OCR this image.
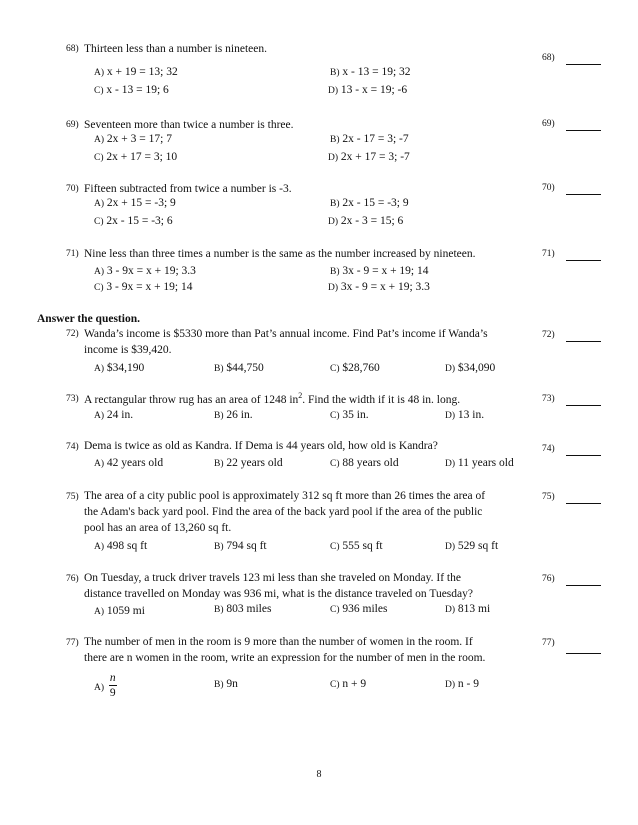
68) Thirteen less than a number is nineteen.
A) x + 19 = 13; 32	B) x - 13 = 19; 32
C) x - 13 = 19; 6	D) 13 - x = 19; -6
68)
69) Seventeen more than twice a number is three.
A) 2x + 3 = 17; 7	B) 2x - 17 = 3; -7
C) 2x + 17 = 3; 10	D) 2x + 17 = 3; -7
69)
70) Fifteen subtracted from twice a number is -3.
A) 2x + 15 = -3; 9	B) 2x - 15 = -3; 9
C) 2x - 15 = -3; 6	D) 2x - 3 = 15; 6
70)
71) Nine less than three times a number is the same as the number increased by nineteen.
A) 3 - 9x = x + 19; 3.3	B) 3x - 9 = x + 19; 14
C) 3 - 9x = x + 19; 14	D) 3x - 9 = x + 19; 3.3
71)
Answer the question.
72) Wanda’s income is $5330 more than Pat’s annual income. Find Pat’s income if Wanda’s
income is $39,420.
A) $34,190	B) $44,750	C) $28,760	D) $34,090
72)
73) A rectangular throw rug has an area of 1248 $in^2$. Find the width if it is 48 in. long.
A) 24 in.	B) 26 in.	C) 35 in.	D) 13 in.
73)
74) Dema is twice as old as Kandra. If Dema is 44 years old, how old is Kandra?
A) 42 years old	B) 22 years old	C) 88 years old	D) 11 years old
74)
75) The area of a city public pool is approximately 312 sq ft more than 26 times the area of
the Adam's back yard pool. Find the area of the back yard pool if the area of the public
pool has an area of 13,260 sq ft.
A) 498 sq ft	B) 794 sq ft	C) 555 sq ft	D) 529 sq ft
75)
76) On Tuesday, a truck driver travels 123 mi less than she traveled on Monday. If the
distance travelled on Monday was 936 mi, what is the distance traveled on Tuesday?
A) 1059 mi	B) 803 miles	C) 936 miles	D) 813 mi
76)
77) The number of men in the room is 9 more than the number of women in the room. If
there are n women in the room, write an expression for the number of men in the room.
$_{A)} \frac{n}{9}$	B) 9n	C) n + 9	D) n - 9
77)
8
